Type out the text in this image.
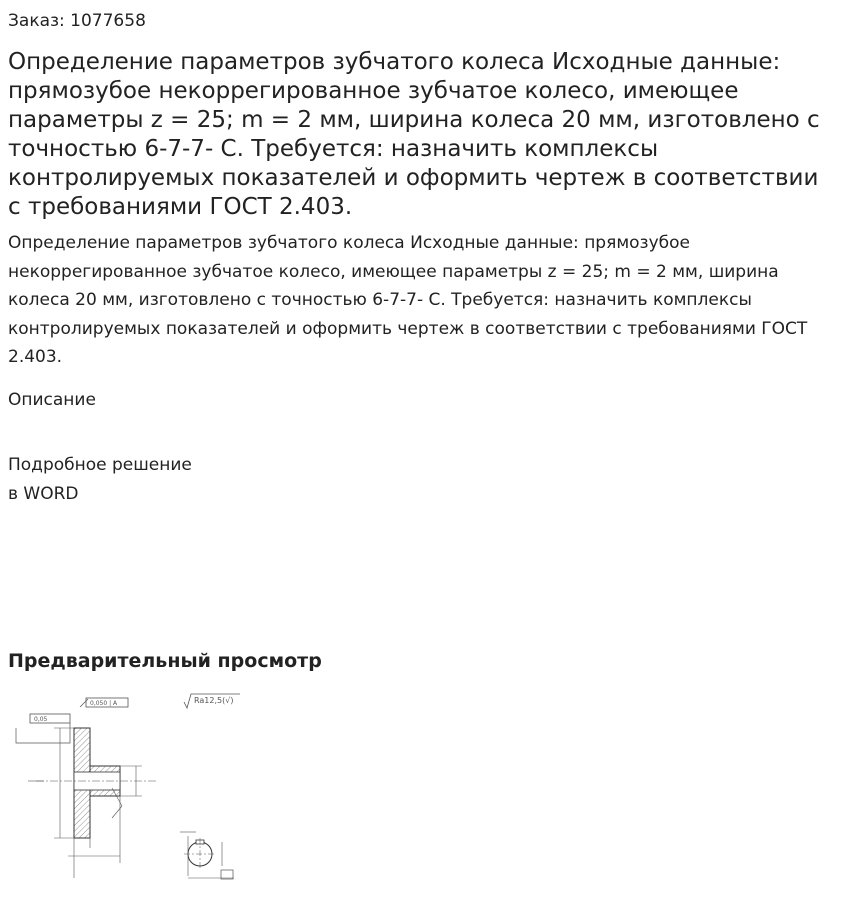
Заказ: 1077658
Определение параметров зубчатого колеса Исходные данные: прямозубое некоррегированное зубчатое колесо, имеющее параметры z = 25; m = 2 мм, ширина колеса 20 мм, изготовлено с точностью 6-7-7- С. Требуется: назначить комплексы контролируемых показателей и оформить чертеж в соответствии с требованиями ГОСТ 2.403.

Определение параметров зубчатого колеса Исходные данные: прямозубое некоррегированное зубчатое колесо, имеющее параметры z = 25; m = 2 мм, ширина колеса 20 мм, изготовлено с точностью 6-7-7- С. Требуется: назначить комплексы контролируемых показателей и оформить чертеж в соответствии с требованиями ГОСТ 2.403.

Описание
Подробное решение
в WORD
Предварительный просмотр
Ra12,5(√)
0,050 | А
0,05
